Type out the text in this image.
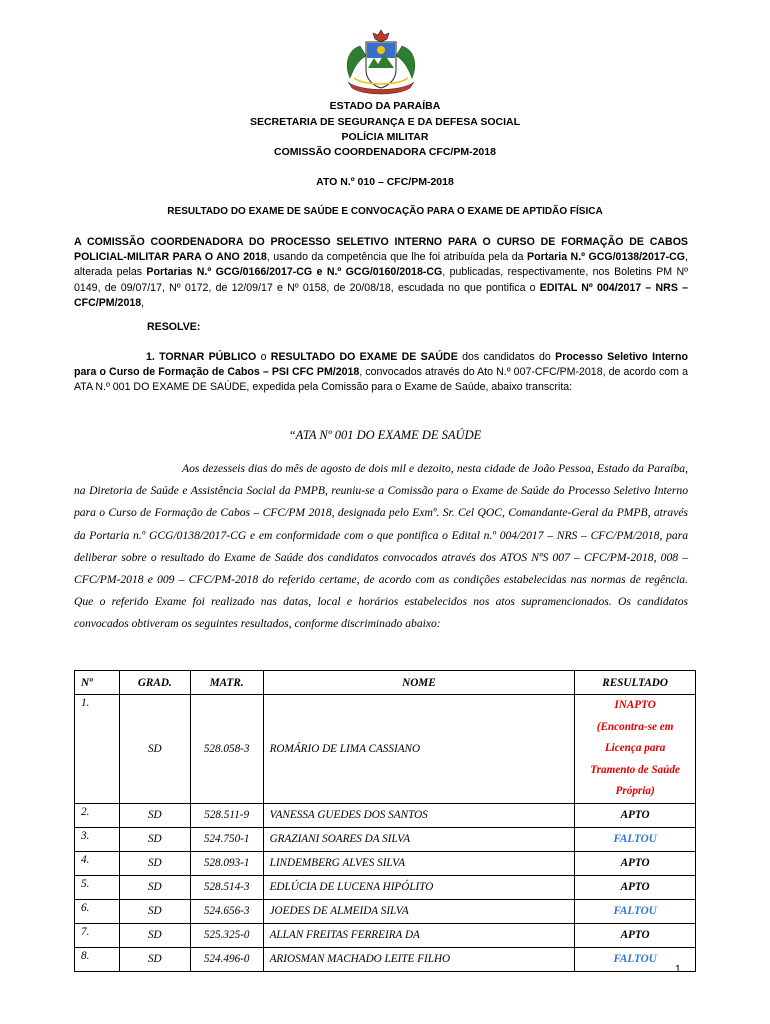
ESTADO DA PARAÍBA
SECRETARIA DE SEGURANÇA E DA DEFESA SOCIAL
POLÍCIA MILITAR
COMISSÃO COORDENADORA CFC/PM-2018
ATO N.º 010 – CFC/PM-2018
RESULTADO DO EXAME DE SAÚDE E CONVOCAÇÃO PARA O EXAME DE APTIDÃO FÍSICA
A COMISSÃO COORDENADORA DO PROCESSO SELETIVO INTERNO PARA O CURSO DE FORMAÇÃO DE CABOS POLICIAL-MILITAR PARA O ANO 2018, usando da competência que lhe foi atribuída pela da Portaria N.º GCG/0138/2017-CG, alterada pelas Portarias N.º GCG/0166/2017-CG e N.º GCG/0160/2018-CG, publicadas, respectivamente, nos Boletins PM Nº 0149, de 09/07/17, Nº 0172, de 12/09/17 e Nº 0158, de 20/08/18, escudada no que pontifica o EDITAL Nº 004/2017 – NRS – CFC/PM/2018,
RESOLVE:
1. TORNAR PÚBLICO o RESULTADO DO EXAME DE SAÚDE dos candidatos do Processo Seletivo Interno para o Curso de Formação de Cabos – PSI CFC PM/2018, convocados através do Ato N.º 007-CFC/PM-2018, de acordo com a ATA N.º 001 DO EXAME DE SAÚDE, expedida pela Comissão para o Exame de Saúde, abaixo transcrita:
“ATA Nº 001 DO EXAME DE SAÚDE
Aos dezesseis dias do mês de agosto de dois mil e dezoito, nesta cidade de João Pessoa, Estado da Paraíba, na Diretoria de Saúde e Assistência Social da PMPB, reuniu-se a Comissão para o Exame de Saúde do Processo Seletivo Interno para o Curso de Formação de Cabos – CFC/PM 2018, designada pelo Exmº. Sr. Cel QOC, Comandante-Geral da PMPB, através da Portaria n.º GCG/0138/2017-CG e em conformidade com o que pontifica o Edital n.º 004/2017 – NRS – CFC/PM/2018, para deliberar sobre o resultado do Exame de Saúde dos candidatos convocados através dos ATOS NºS 007 – CFC/PM-2018, 008 – CFC/PM-2018 e 009 – CFC/PM-2018 do referido certame, de acordo com as condições estabelecidas nas normas de regência. Que o referido Exame foi realizado nas datas, local e horários estabelecidos nos atos supramencionados. Os candidatos convocados obtiveram os seguintes resultados, conforme discriminado abaixo:
Nº	GRAD.	MATR.	NOME	RESULTADO
1.	SD	528.058-3	ROMÁRIO DE LIMA CASSIANO	INAPTO
(Encontra-se em Licença para Tramento de Saúde Própria)

2.	SD	528.511-9	VANESSA GUEDES DOS SANTOS	APTO
3.	SD	524.750-1	GRAZIANI SOARES DA SILVA	FALTOU
4.	SD	528.093-1	LINDEMBERG ALVES SILVA	APTO
5.	SD	528.514-3	EDLÚCIA DE LUCENA HIPÓLITO	APTO
6.	SD	524.656-3	JOEDES DE ALMEIDA SILVA	FALTOU
7.	SD	525.325-0	ALLAN FREITAS FERREIRA DA	APTO
8.	SD	524.496-0	ARIOSMAN MACHADO LEITE FILHO	FALTOU
1
